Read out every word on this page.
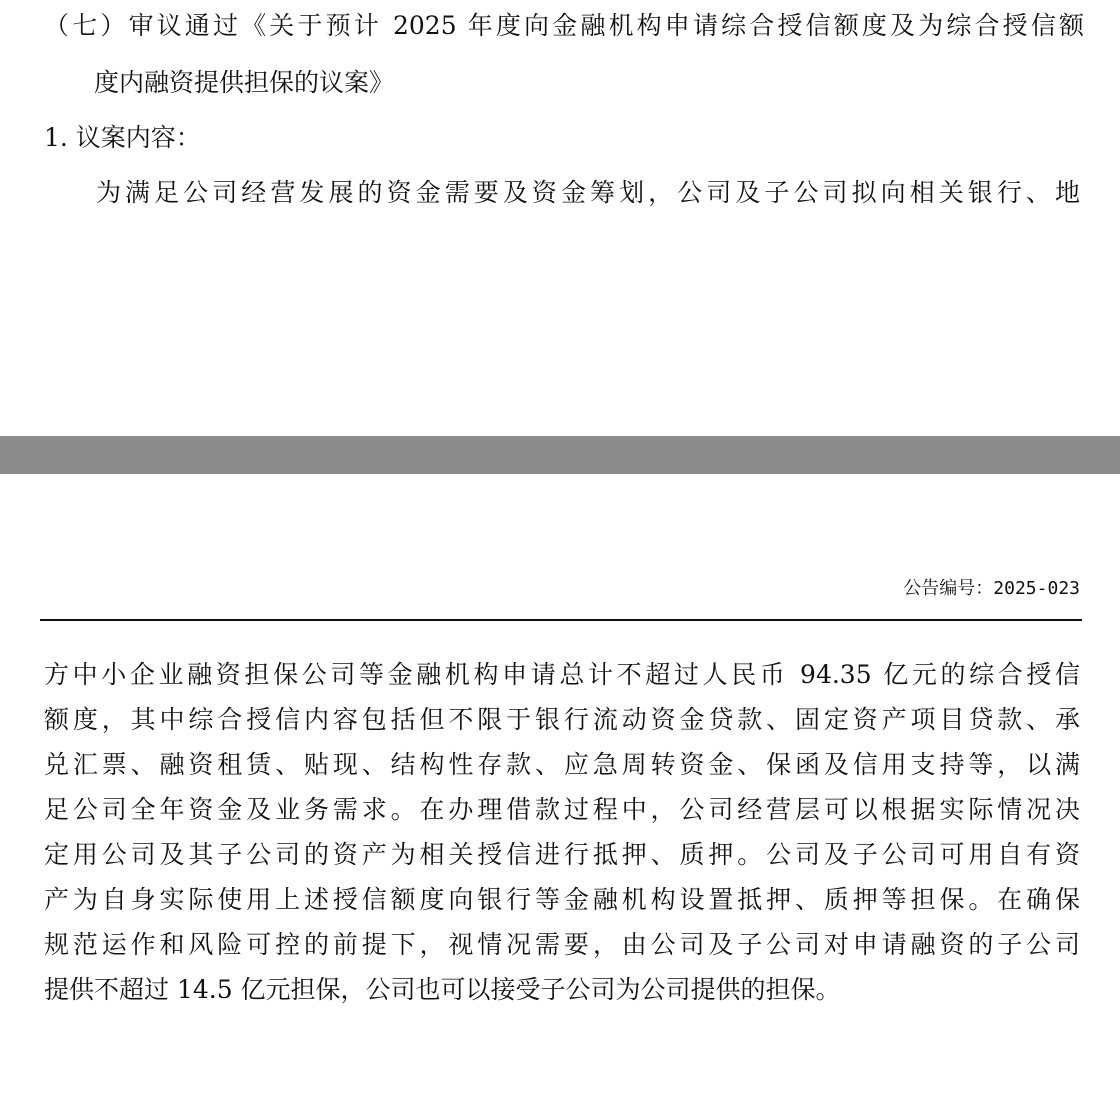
（七）审议通过《关于预计 2025 年度向金融机构申请综合授信额度及为综合授信额
度内融资提供担保的议案》
1. 议案内容：
为满足公司经营发展的资金需要及资金筹划，公司及子公司拟向相关银行、地
公告编号：2025-023
方中小企业融资担保公司等金融机构申请总计不超过人民币 94.35 亿元的综合授信
额度，其中综合授信内容包括但不限于银行流动资金贷款、固定资产项目贷款、承
兑汇票、融资租赁、贴现、结构性存款、应急周转资金、保函及信用支持等，以满
足公司全年资金及业务需求。在办理借款过程中，公司经营层可以根据实际情况决
定用公司及其子公司的资产为相关授信进行抵押、质押。公司及子公司可用自有资
产为自身实际使用上述授信额度向银行等金融机构设置抵押、质押等担保。在确保
规范运作和风险可控的前提下，视情况需要，由公司及子公司对申请融资的子公司
提供不超过 14.5 亿元担保，公司也可以接受子公司为公司提供的担保。
